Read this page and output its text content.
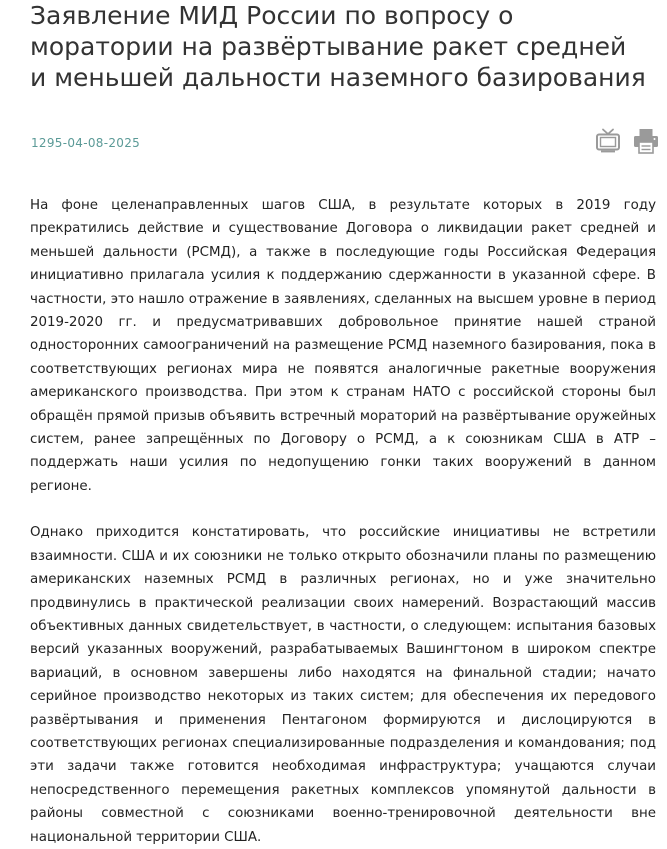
Заявление МИД России по вопросу о моратории на развёртывание ракет средней и меньшей дальности наземного базирования
1295-04-08-2025

На фоне целенаправленных шагов США, в результате которых в 2019 году прекратились действие и существование Договора о ликвидации ракет средней и меньшей дальности (РСМД), а также в последующие годы Российская Федерация инициативно прилагала усилия к поддержанию сдержанности в указанной сфере. В частности, это нашло отражение в заявлениях, сделанных на высшем уровне в период 2019-2020 гг. и предусматривавших добровольное принятие нашей страной односторонних самоограничений на размещение РСМД наземного базирования, пока в соответствующих регионах мира не появятся аналогичные ракетные вооружения американского производства. При этом к странам НАТО с российской стороны был обращён прямой призыв объявить встречный мораторий на развёртывание оружейных систем, ранее запрещённых по Договору о РСМД, а к союзникам США в АТР – поддержать наши усилия по недопущению гонки таких вооружений в данном регионе.

Однако приходится констатировать, что российские инициативы не встретили взаимности. США и их союзники не только открыто обозначили планы по размещению американских наземных РСМД в различных регионах, но и уже значительно продвинулись в практической реализации своих намерений. Возрастающий массив объективных данных свидетельствует, в частности, о следующем: испытания базовых версий указанных вооружений, разрабатываемых Вашингтоном в широком спектре вариаций, в основном завершены либо находятся на финальной стадии; начато серийное производство некоторых из таких систем; для обеспечения их передового развёртывания и применения Пентагоном формируются и дислоцируются в соответствующих регионах специализированные подразделения и командования; под эти задачи также готовится необходимая инфраструктура; учащаются случаи непосредственного перемещения ракетных комплексов упомянутой дальности в районы совместной с союзниками военно-тренировочной деятельности вне национальной территории США.
